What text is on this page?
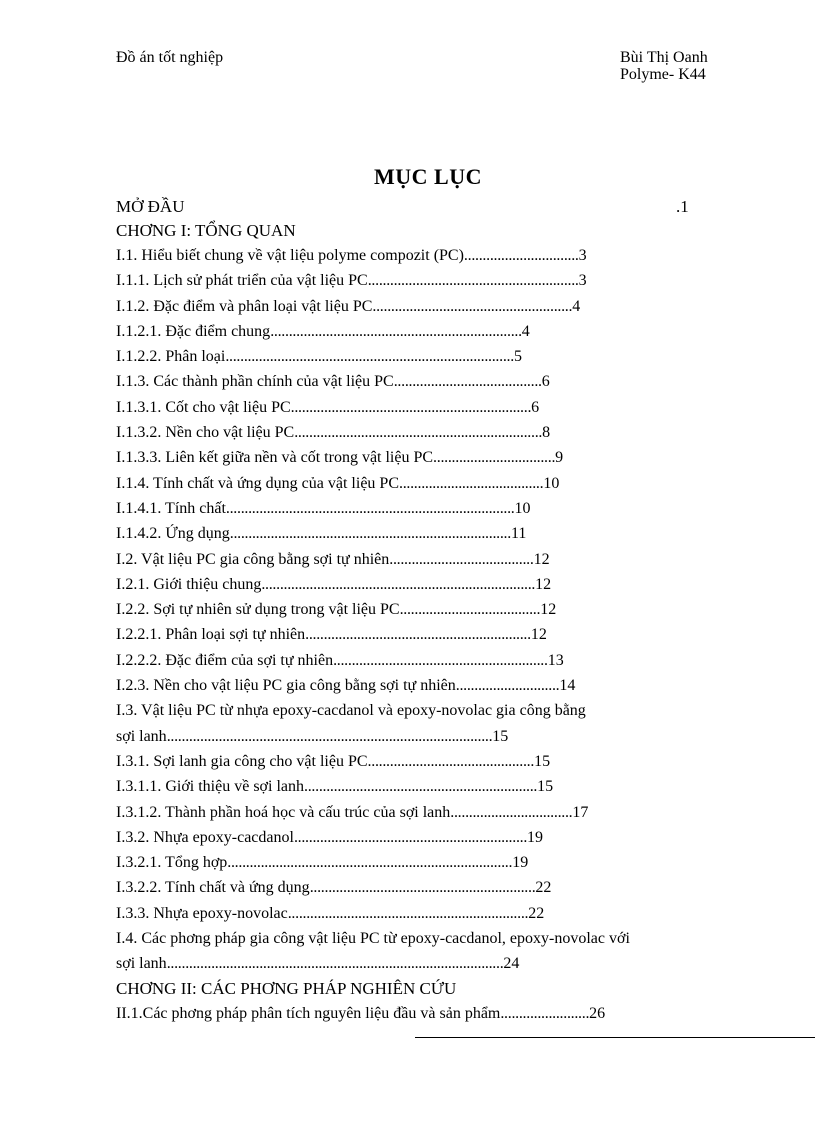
Đồ án tốt nghiệp	Bùi Thị Oanh
Polyme- K44
MỤC LỤC
MỞ ĐẦU	.1
CHƠNG I: TỔNG QUAN
I.1. Hiểu biết chung về vật liệu polyme compozit (PC)...............................3
I.1.1. Lịch sử phát triển của vật liệu PC.........................................................3
I.1.2. Đặc điểm và phân loại vật liệu PC......................................................4
I.1.2.1. Đặc điểm chung....................................................................4
I.1.2.2. Phân loại..............................................................................5
I.1.3. Các thành phần chính của vật liệu PC........................................6
I.1.3.1. Cốt cho vật liệu PC.................................................................6
I.1.3.2. Nền cho vật liệu PC...................................................................8
I.1.3.3. Liên kết giữa nền và cốt trong vật liệu PC.................................9
I.1.4. Tính chất và ứng dụng của vật liệu PC.......................................10
I.1.4.1. Tính chất..............................................................................10
I.1.4.2. Ứng dụng............................................................................11
I.2. Vật liệu PC gia công bằng sợi tự nhiên.......................................12
I.2.1. Giới thiệu chung..........................................................................12
I.2.2. Sợi tự nhiên sử dụng trong vật liệu PC......................................12
I.2.2.1. Phân loại sợi tự nhiên.............................................................12
I.2.2.2. Đặc điểm của sợi tự nhiên..........................................................13
I.2.3. Nền cho vật liệu PC gia công bằng sợi tự nhiên............................14
I.3. Vật liệu PC từ nhựa epoxy-cacdanol và epoxy-novolac gia công bằng
sợi lanh........................................................................................15
I.3.1. Sợi lanh gia công cho vật liệu PC.............................................15
I.3.1.1. Giới thiệu về sợi lanh...............................................................15
I.3.1.2. Thành phần hoá học và cấu trúc của sợi lanh.................................17
I.3.2. Nhựa epoxy-cacdanol...............................................................19
I.3.2.1. Tổng hợp.............................................................................19
I.3.2.2. Tính chất và ứng dụng.............................................................22
I.3.3. Nhựa epoxy-novolac.................................................................22
I.4. Các phơng pháp gia công vật liệu PC từ epoxy-cacdanol, epoxy-novolac với
sợi lanh...........................................................................................24
CHƠNG II: CÁC PHƠNG PHÁP NGHIÊN CỨU
II.1.Các phơng pháp phân tích nguyên liệu đầu và sản phẩm........................26
